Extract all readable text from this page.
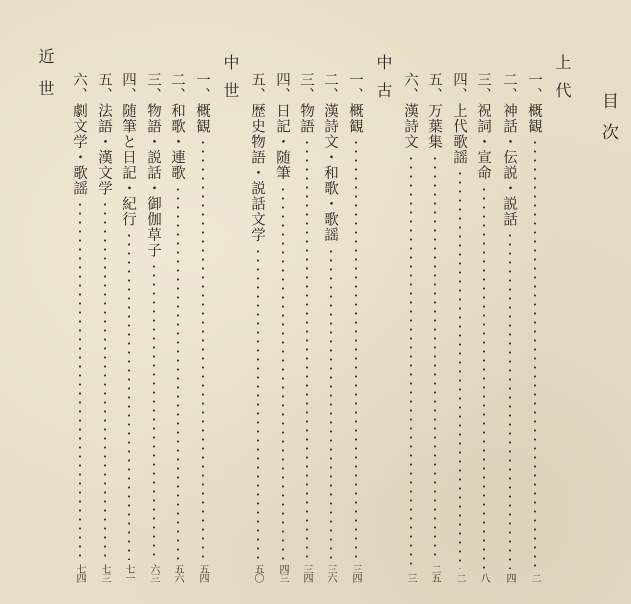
目次
上代
一、概観
二
二、神話・伝説・説話
四
三、祝詞・宣命
八
四、上代歌謡
二
五、万葉集
二五
六、漢詩文
三
中古
一、概観
三四
二、漢詩文・和歌・歌謡
三六
三、物語
三四
四、日記・随筆
四三
五、歴史物語・説話文学
五〇
中世
一、概観
五四
二、和歌・連歌
五六
三、物語・説話・御伽草子
六三
四、随筆と日記・紀行
七一
五、法語・漢文学
七三
六、劇文学・歌謡
七四
近世
